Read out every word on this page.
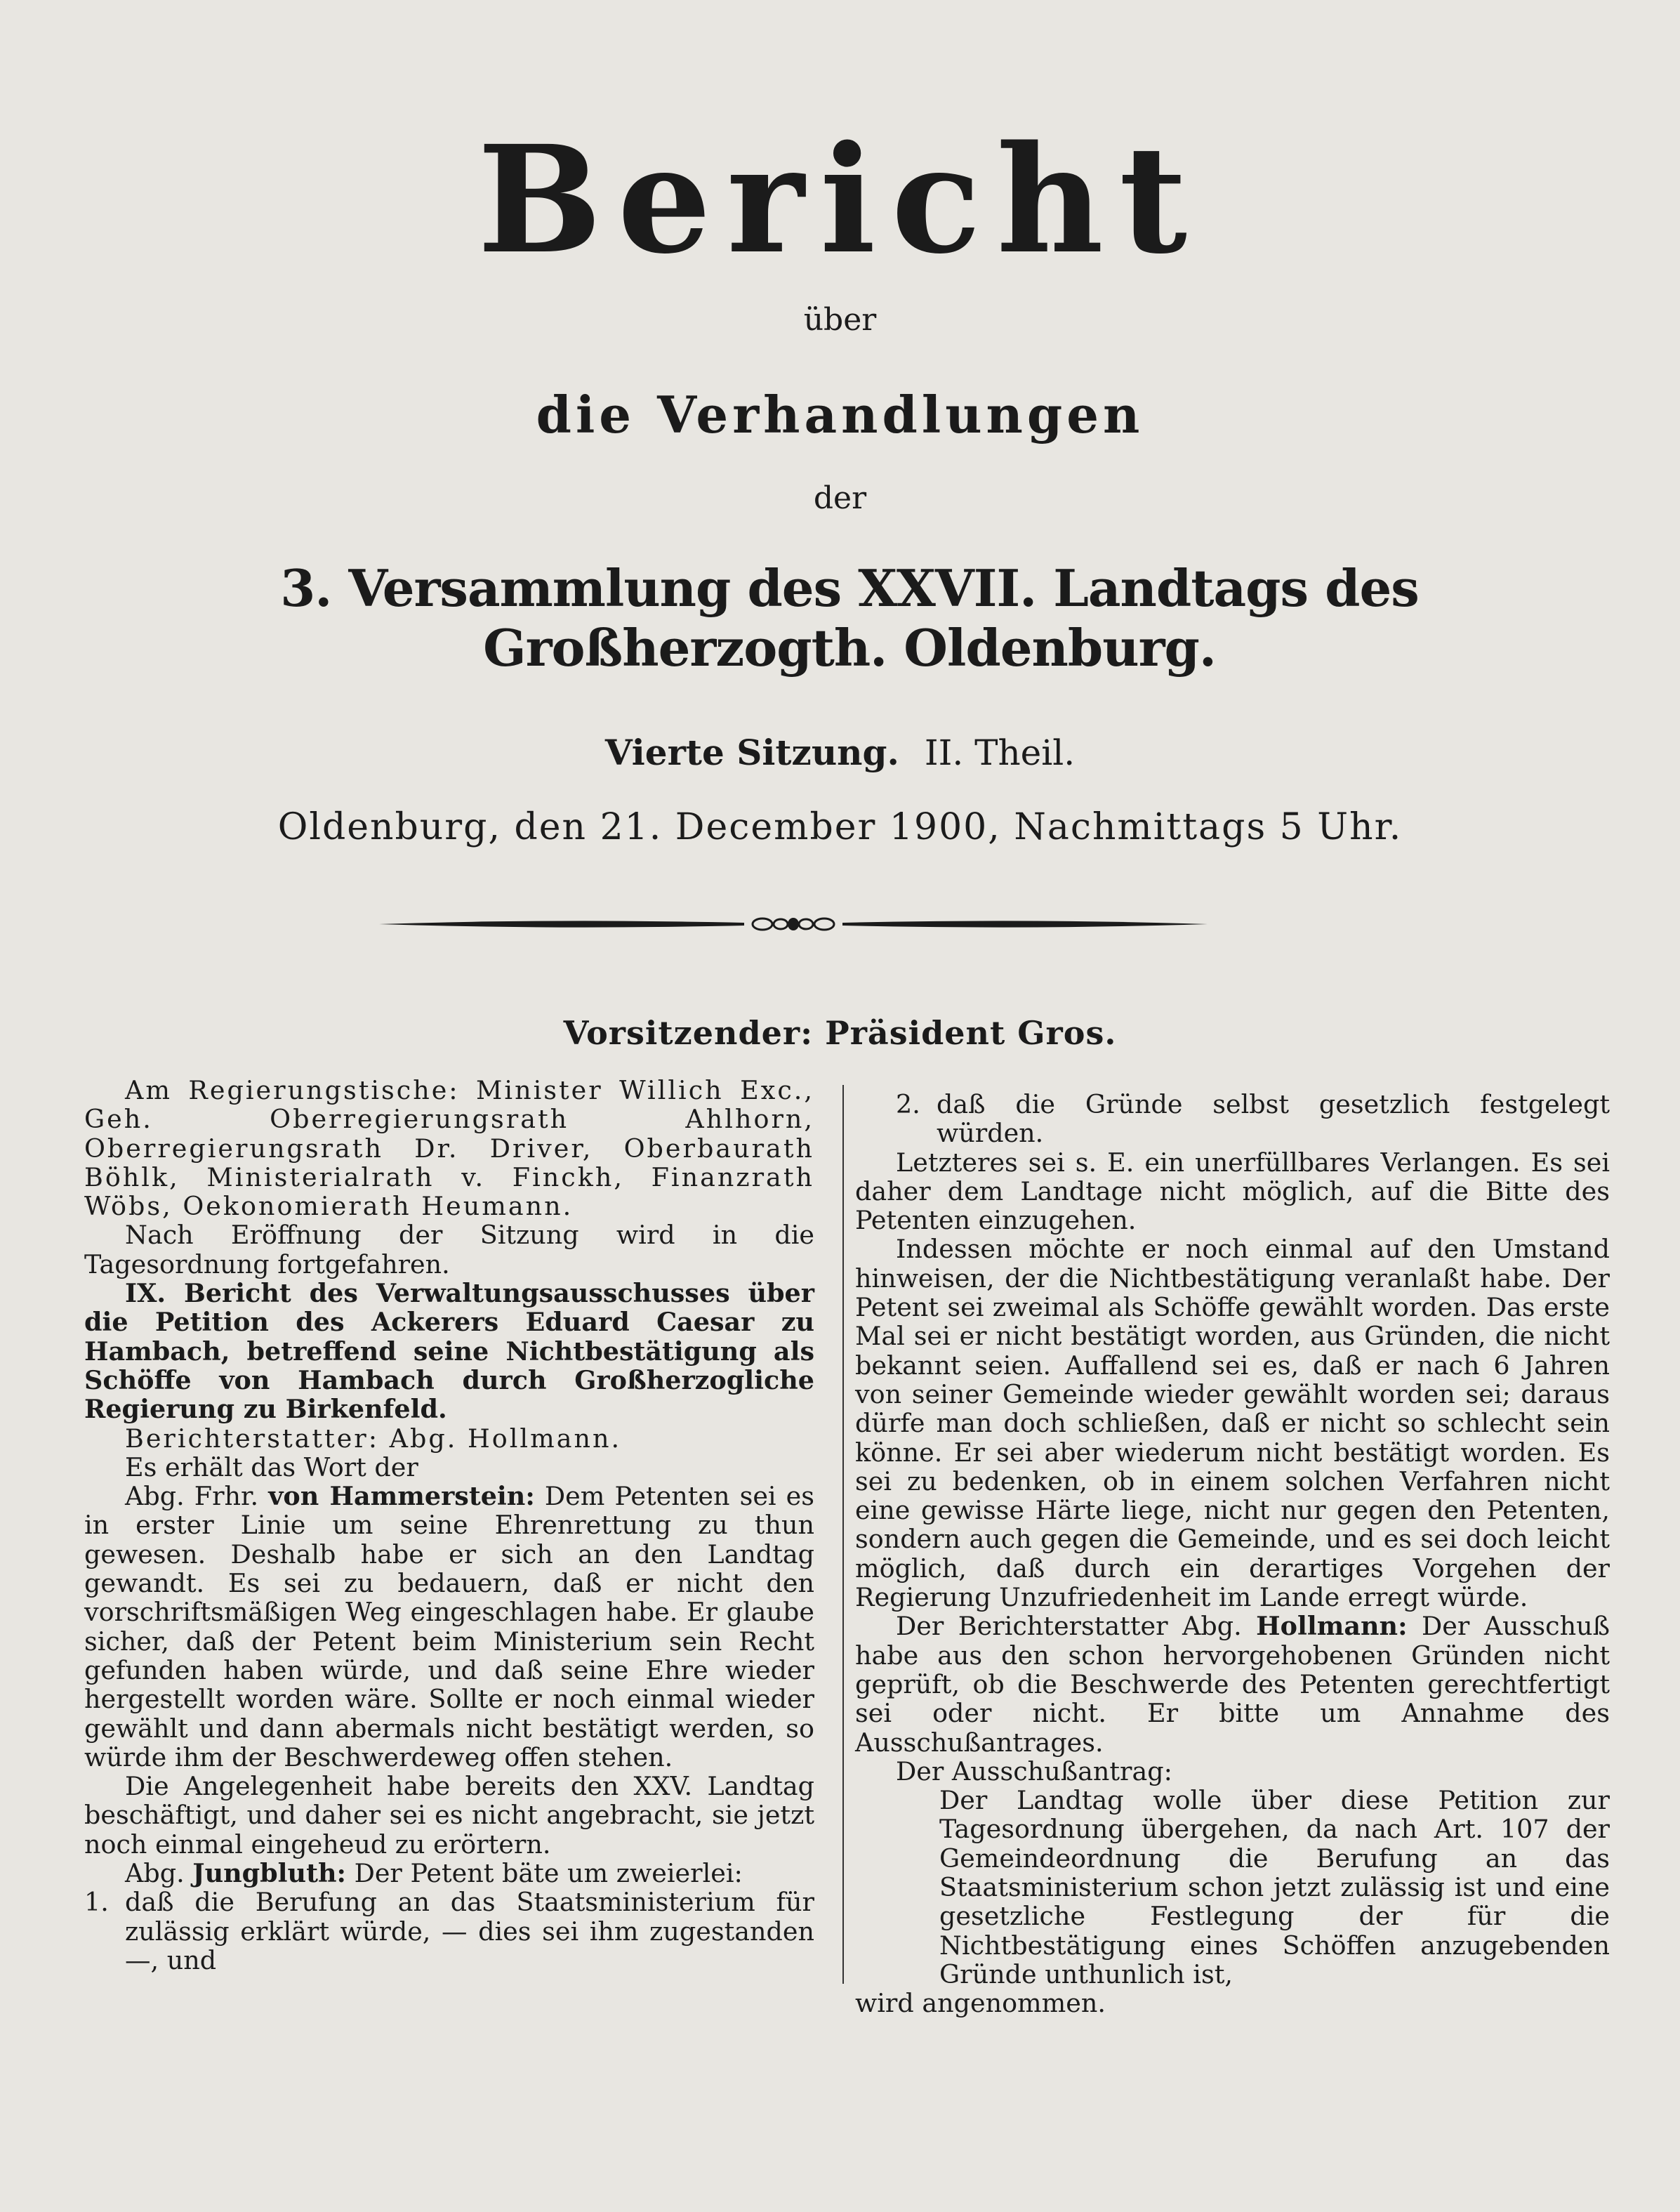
Bericht
über
die Verhandlungen
der
3. Versammlung des XXVII. Landtags des Großherzogth. Oldenburg.
Vierte Sitzung. II. Theil.
Oldenburg, den 21. December 1900, Nachmittags 5 Uhr.
Vorsitzender: Präsident Gros.

Am Regierungstische: Minister Willich Exc., Geh. Oberregierungsrath Ahlhorn, Oberregierungsrath Dr. Driver, Oberbaurath Böhlk, Ministerialrath v. Finckh, Finanzrath Wöbs, Oekonomierath Heumann.

Nach Eröffnung der Sitzung wird in die Tagesordnung fortgefahren.

IX. Bericht des Verwaltungsausschusses über die Petition des Ackerers Eduard Caesar zu Hambach, betreffend seine Nichtbestätigung als Schöffe von Hambach durch Großherzogliche Regierung zu Birkenfeld.

Berichterstatter: Abg. Hollmann.

Es erhält das Wort der

Abg. Frhr. von Hammerstein: Dem Petenten sei es in erster Linie um seine Ehrenrettung zu thun gewesen. Deshalb habe er sich an den Landtag gewandt. Es sei zu bedauern, daß er nicht den vorschriftsmäßigen Weg eingeschlagen habe. Er glaube sicher, daß der Petent beim Ministerium sein Recht gefunden haben würde, und daß seine Ehre wieder hergestellt worden wäre. Sollte er noch einmal wieder gewählt und dann abermals nicht bestätigt werden, so würde ihm der Beschwerdeweg offen stehen.

Die Angelegenheit habe bereits den XXV. Landtag beschäftigt, und daher sei es nicht angebracht, sie jetzt noch einmal eingeheud zu erörtern.

Abg. Jungbluth: Der Petent bäte um zweierlei:

1. daß die Berufung an das Staatsministerium für zulässig erklärt würde, — dies sei ihm zugestanden —, und
2. daß die Gründe selbst gesetzlich festgelegt würden.

Letzteres sei s. E. ein unerfüllbares Verlangen. Es sei daher dem Landtage nicht möglich, auf die Bitte des Petenten einzugehen.

Indessen möchte er noch einmal auf den Umstand hinweisen, der die Nichtbestätigung veranlaßt habe. Der Petent sei zweimal als Schöffe gewählt worden. Das erste Mal sei er nicht bestätigt worden, aus Gründen, die nicht bekannt seien. Auffallend sei es, daß er nach 6 Jahren von seiner Gemeinde wieder gewählt worden sei; daraus dürfe man doch schließen, daß er nicht so schlecht sein könne. Er sei aber wiederum nicht bestätigt worden. Es sei zu bedenken, ob in einem solchen Verfahren nicht eine gewisse Härte liege, nicht nur gegen den Petenten, sondern auch gegen die Gemeinde, und es sei doch leicht möglich, daß durch ein derartiges Vorgehen der Regierung Unzufriedenheit im Lande erregt würde.

Der Berichterstatter Abg. Hollmann: Der Ausschuß habe aus den schon hervorgehobenen Gründen nicht geprüft, ob die Beschwerde des Petenten gerechtfertigt sei oder nicht. Er bitte um Annahme des Ausschußantrages.

Der Ausschußantrag:

Der Landtag wolle über diese Petition zur Tagesordnung übergehen, da nach Art. 107 der Gemeindeordnung die Berufung an das Staatsministerium schon jetzt zulässig ist und eine gesetzliche Festlegung der für die Nichtbestätigung eines Schöffen anzugebenden Gründe unthunlich ist,

wird angenommen.
